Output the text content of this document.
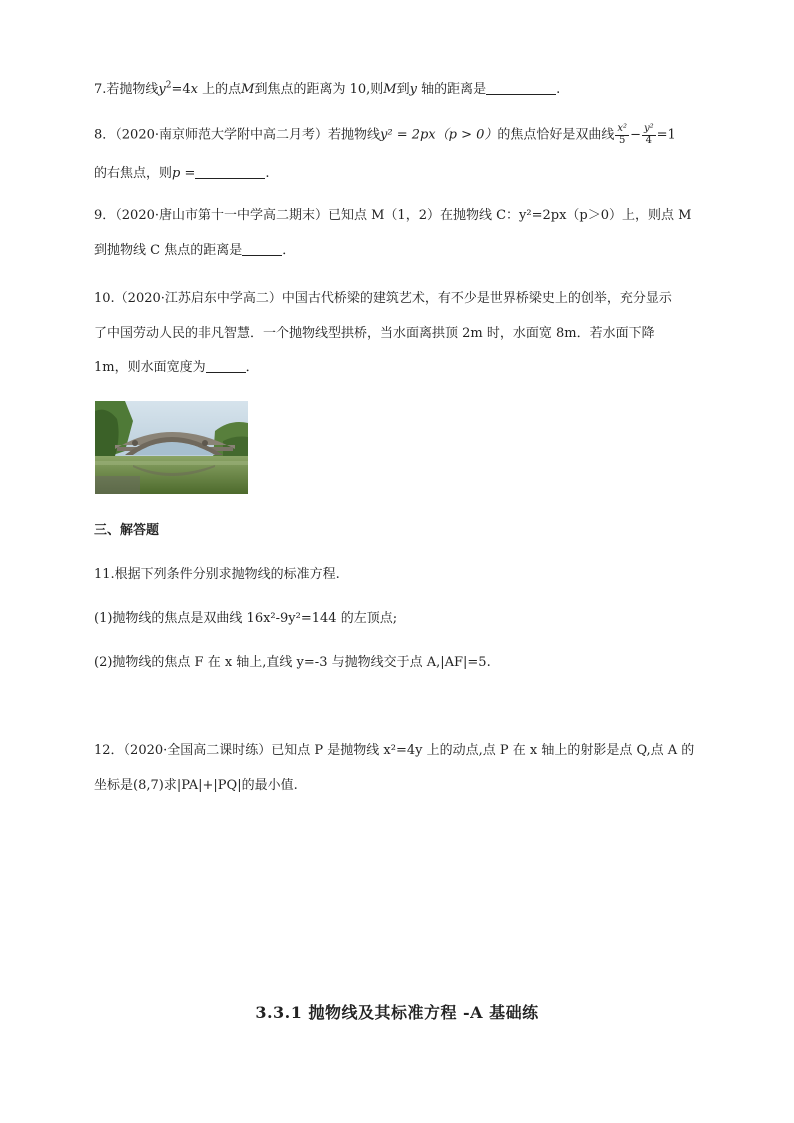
7.若抛物线$y^2=4x$ 上的点M到焦点的距离为 10,则M到y 轴的距离是	.
8．（2020·南京师范大学附中高二月考）若抛物线y² = 2px（p > 0）的焦点恰好是双曲线 $\frac{\text{x²}}{5} - \frac{\text{y²}}{4} =1$
的右焦点，则p =	.
9．（2020·唐山市第十一中学高二期末）已知点 M（1，2）在抛物线 C：y²=2px（p＞0）上，则点 M
到抛物线 C 焦点的距离是	．
10.（2020·江苏启东中学高二）中国古代桥梁的建筑艺术，有不少是世界桥梁史上的创举，充分显示
了中国劳动人民的非凡智慧．一个抛物线型拱桥，当水面离拱顶 2m 时，水面宽 8m．若水面下降
1m，则水面宽度为	．
三、解答题
11.根据下列条件分别求抛物线的标准方程.
(1)抛物线的焦点是双曲线 16x²-9y²=144 的左顶点;
(2)抛物线的焦点 F 在 x 轴上,直线 y=-3 与抛物线交于点 A,|AF|=5.
12．（2020·全国高二课时练）已知点 P 是抛物线 x²=4y 上的动点,点 P 在 x 轴上的射影是点 Q,点 A 的
坐标是(8,7)求|PA|+|PQ|的最小值.
3.3.1 抛物线及其标准方程 -A 基础练
